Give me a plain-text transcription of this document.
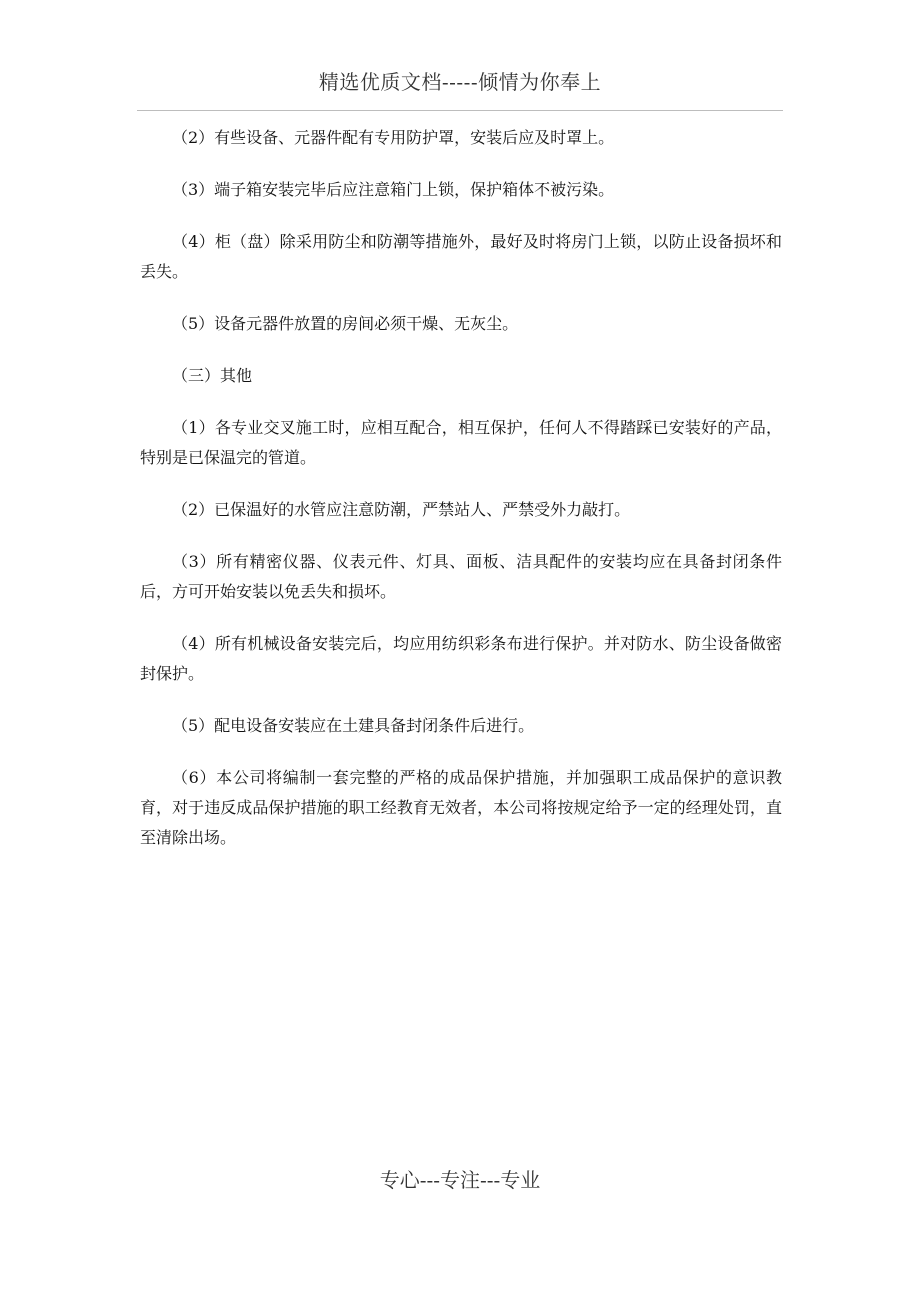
精选优质文档-----倾情为你奉上

（2）有些设备、元器件配有专用防护罩，安装后应及时罩上。

（3）端子箱安装完毕后应注意箱门上锁，保护箱体不被污染。

（4）柜（盘）除采用防尘和防潮等措施外，最好及时将房门上锁，以防止设备损坏和丢失。

（5）设备元器件放置的房间必须干燥、无灰尘。

（三）其他

（1）各专业交叉施工时，应相互配合，相互保护，任何人不得踏踩已安装好的产品，特别是已保温完的管道。

（2）已保温好的水管应注意防潮，严禁站人、严禁受外力敲打。

（3）所有精密仪器、仪表元件、灯具、面板、洁具配件的安装均应在具备封闭条件后，方可开始安装以免丢失和损坏。

（4）所有机械设备安装完后，均应用纺织彩条布进行保护。并对防水、防尘设备做密封保护。

（5）配电设备安装应在土建具备封闭条件后进行。

（6）本公司将编制一套完整的严格的成品保护措施，并加强职工成品保护的意识教育，对于违反成品保护措施的职工经教育无效者，本公司将按规定给予一定的经理处罚，直至清除出场。

专心---专注---专业
